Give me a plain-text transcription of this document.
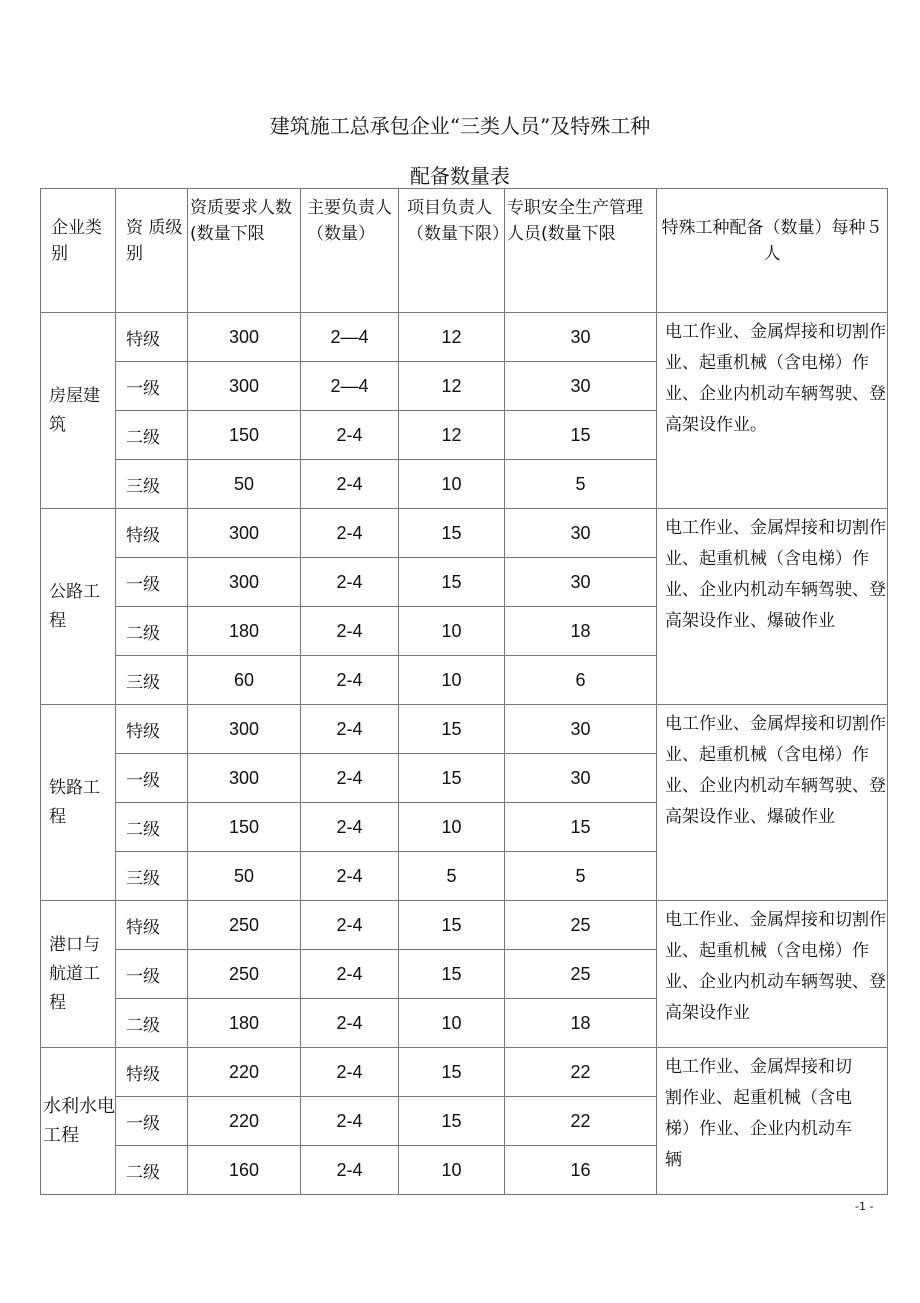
建筑施工总承包企业“三类人员”及特殊工种
配备数量表
企业类别	资 质级别	资质要求人数(数量下限	主要负责人（数量）	项目负责人（数量下限）	专职安全生产管理人员(数量下限	特殊工种配备（数量）每种５人
房屋建筑	特级	300	2—4	12	30	电工作业、金属焊接和切割作业、起重机械（含电梯）作业、企业内机动车辆驾驶、登高架设作业。
	一级	300	2—4	12	30	
	二级	150	2-4	12	15	
	三级	50	2-4	10	5	
公路工程	特级	300	2-4	15	30	电工作业、金属焊接和切割作业、起重机械（含电梯）作业、企业内机动车辆驾驶、登高架设作业、爆破作业
	一级	300	2-4	15	30	
	二级	180	2-4	10	18	
	三级	60	2-4	10	6	
铁路工程	特级	300	2-4	15	30	电工作业、金属焊接和切割作业、起重机械（含电梯）作业、企业内机动车辆驾驶、登高架设作业、爆破作业
	一级	300	2-4	15	30	
	二级	150	2-4	10	15	
	三级	50	2-4	5	5	
港口与航道工程	特级	250	2-4	15	25	电工作业、金属焊接和切割作业、起重机械（含电梯）作业、企业内机动车辆驾驶、登高架设作业
	一级	250	2-4	15	25	
	二级	180	2-4	10	18	
水利水电工程	特级	220	2-4	15	22	电工作业、金属焊接和切割作业、起重机械（含电梯）作业、企业内机动车辆
	一级	220	2-4	15	22	
	二级	160	2-4	10	16	
-1 -
